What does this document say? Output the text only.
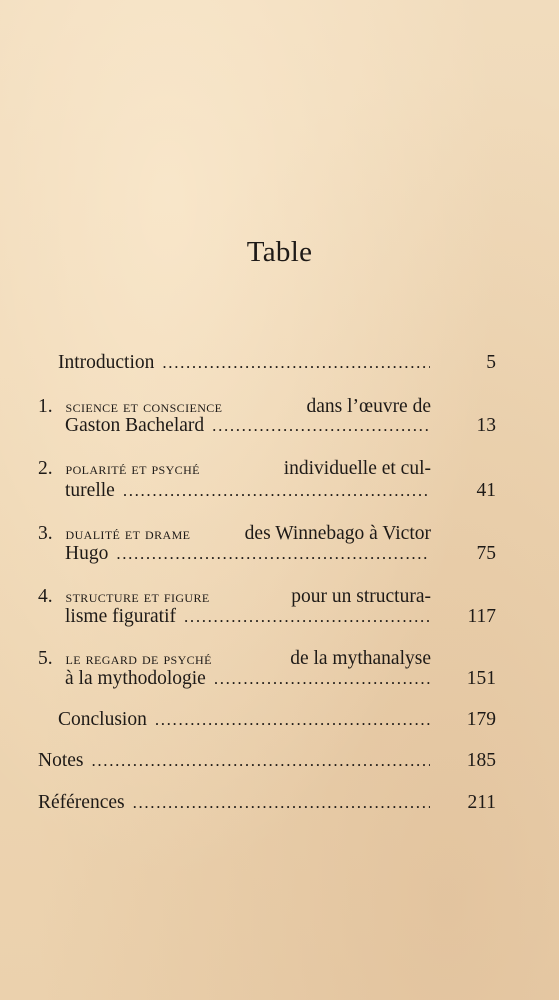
Table
Introduction . . .	5
1. science et conscience	dans l’œuvre de
Gaston Bachelard . . .	13
2. polarité et psyché	individuelle et cul-
turelle . . .	41
3. dualité et drame	des Winnebago à Victor
Hugo . . .	75
4. structure et figure	pour un structura-
lisme figuratif . . .	117
5. le regard de psyché	de la mythanalyse
à la mythodologie . . .	151
Conclusion . . .	179
Notes . . .	185
Références . . .	211
